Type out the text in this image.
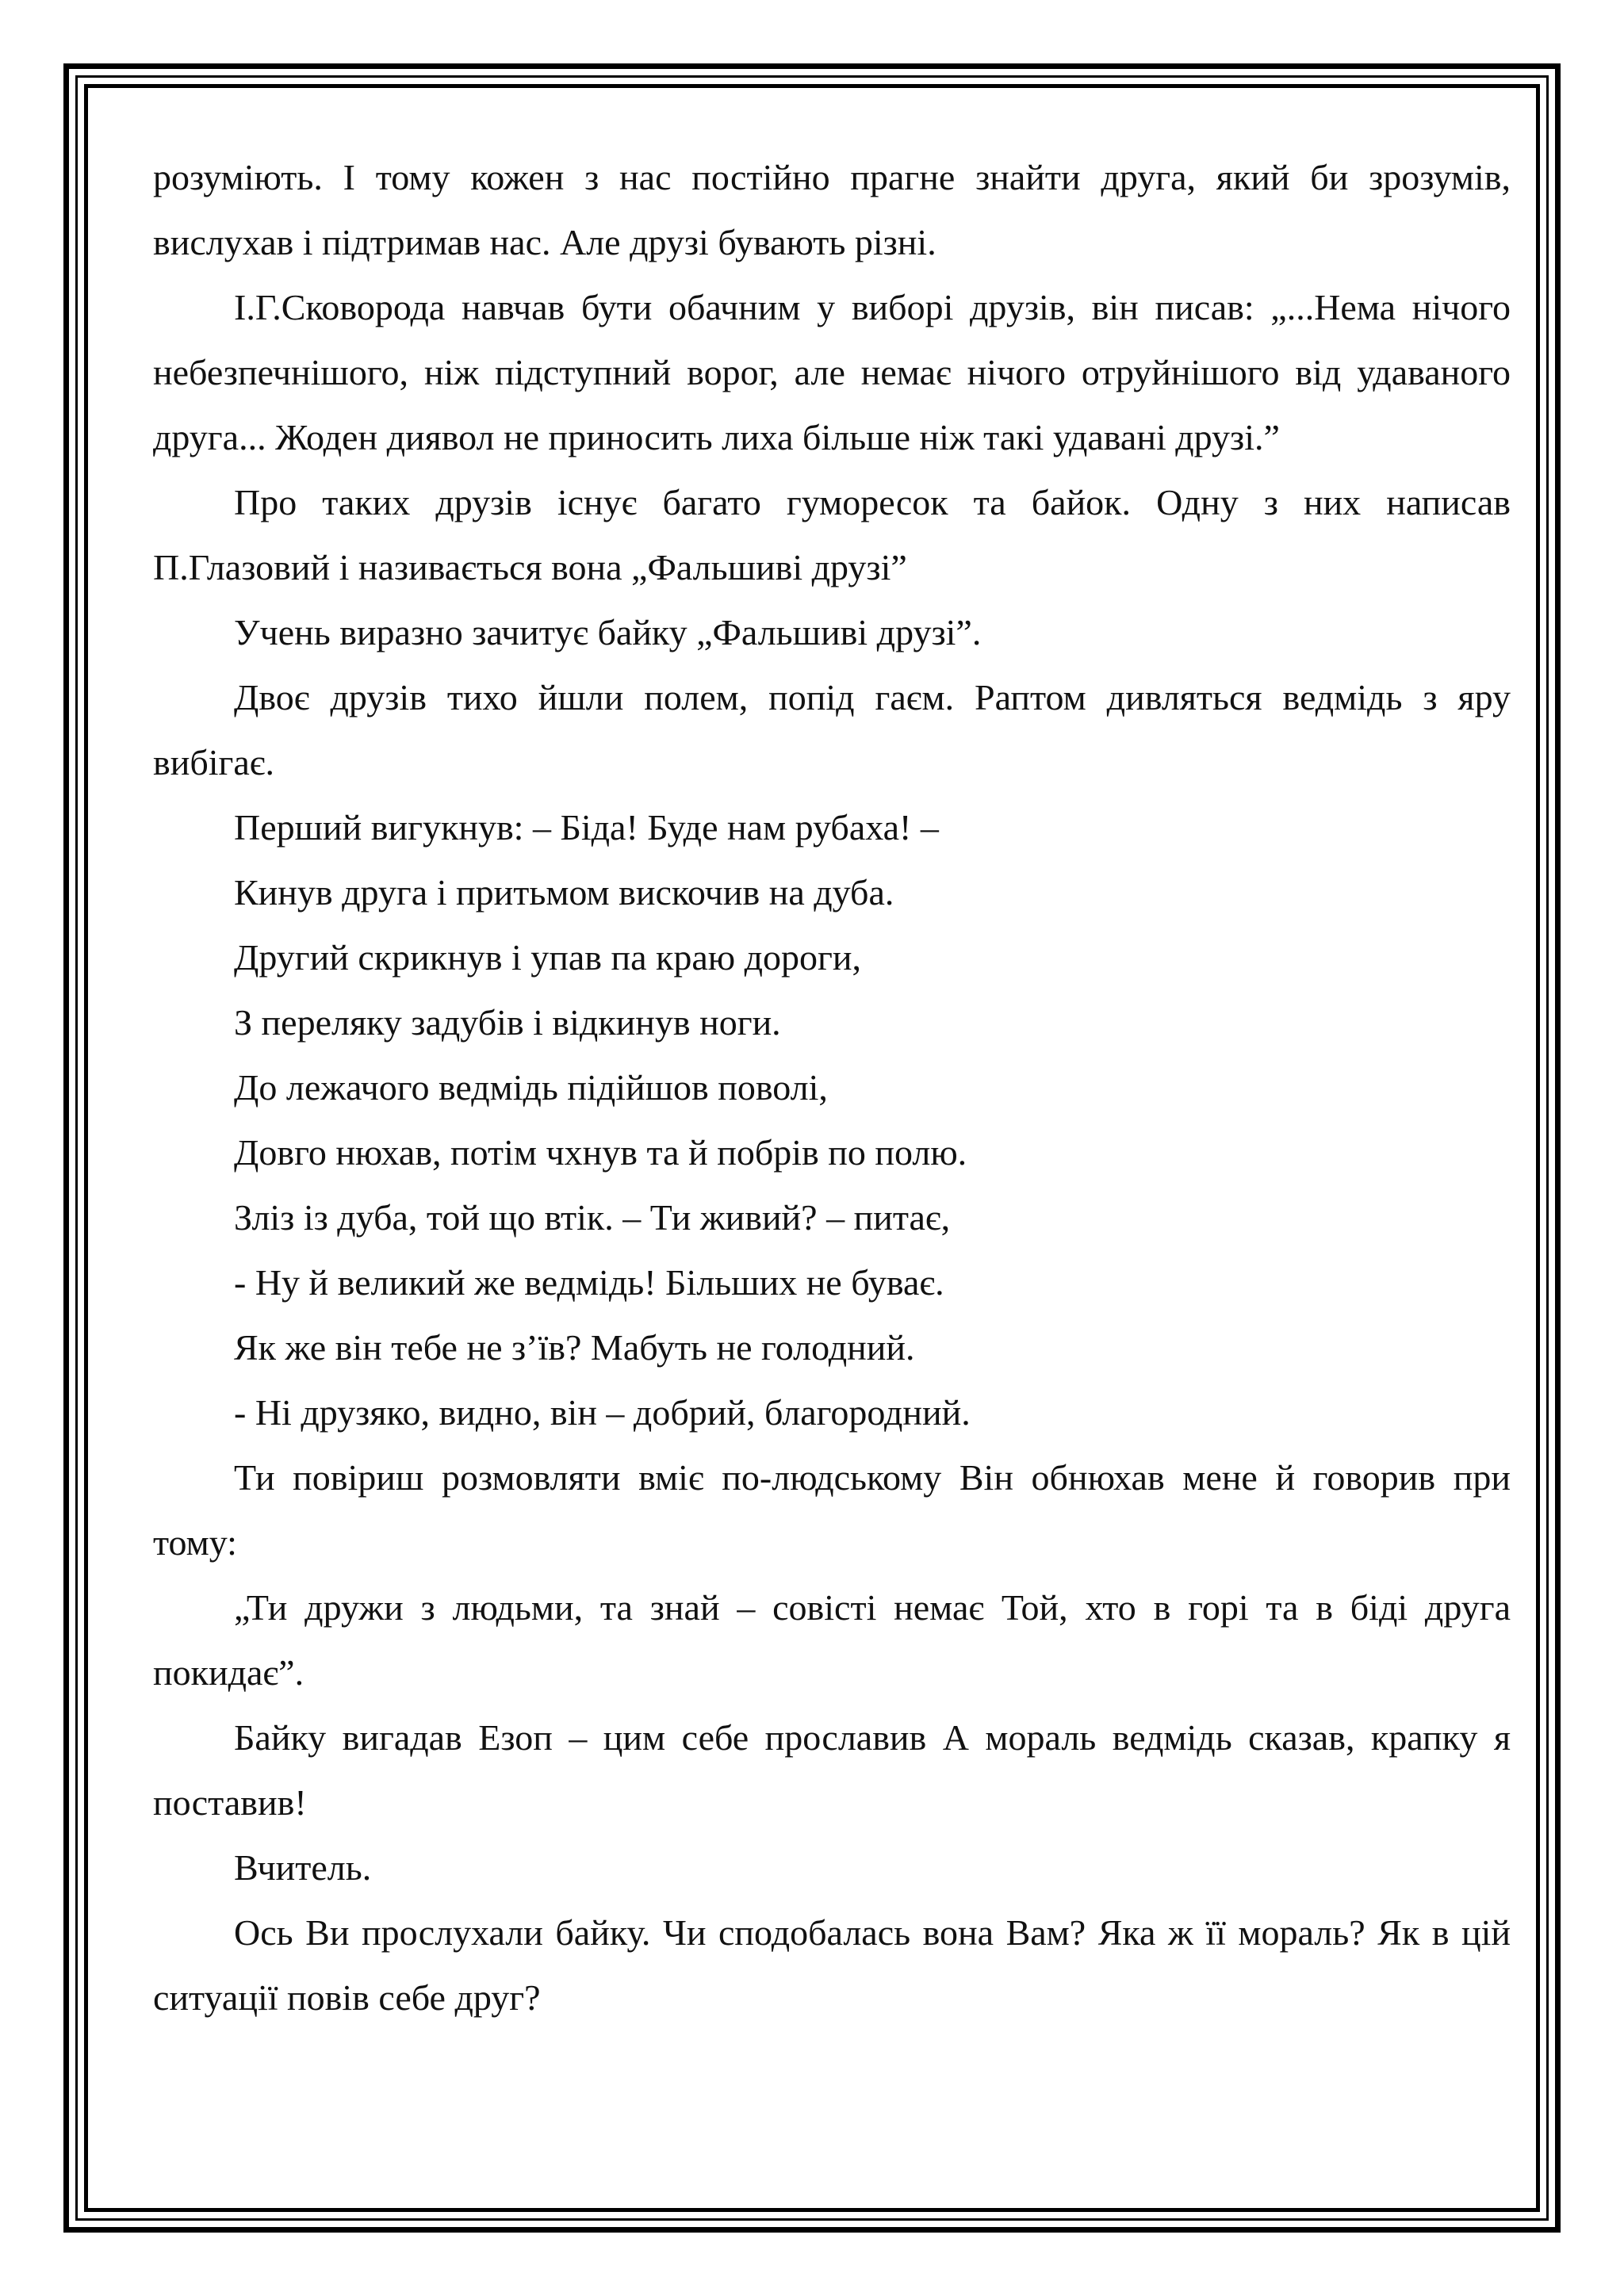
розуміють. І тому кожен з нас постійно прагне знайти друга, який би зрозумів, вислухав і підтримав нас. Але друзі бувають різні.

І.Г.Сковорода навчав бути обачним у виборі друзів, він писав: „...Нема нічого небезпечнішого, ніж підступний ворог, але немає нічого отруйнішого від удаваного друга... Жоден диявол не приносить лиха більше ніж такі удавані друзі.”

Про таких друзів існує багато гуморесок та байок. Одну з них написав П.Глазовий і називається вона „Фальшиві друзі”

Учень виразно зачитує байку „Фальшиві друзі”.

Двоє друзів тихо йшли полем, попід гаєм. Раптом дивляться ведмідь з яру вибігає.

Перший вигукнув: – Біда! Буде нам рубаха! –

Кинув друга і притьмом вискочив на дуба.

Другий скрикнув і упав па краю дороги,

З переляку задубів і відкинув ноги.

До лежачого ведмідь підійшов поволі,

Довго нюхав, потім чхнув та й побрів по полю.

Зліз із дуба, той що втік. – Ти живий? – питає,

- Ну й великий же ведмідь! Більших не буває.

Як же він тебе не з’їв? Мабуть не голодний.

- Ні друзяко, видно, він – добрий, благородний.

Ти повіриш розмовляти вміє по-людському Він обнюхав мене й говорив при тому:

„Ти дружи з людьми, та знай – совісті немає Той, хто в горі та в біді друга покидає”.

Байку вигадав Езоп – цим себе прославив А мораль ведмідь сказав, крапку я поставив!

Вчитель.

Ось Ви прослухали байку. Чи сподобалась вона Вам? Яка ж її мораль? Як в цій ситуації повів себе друг?
